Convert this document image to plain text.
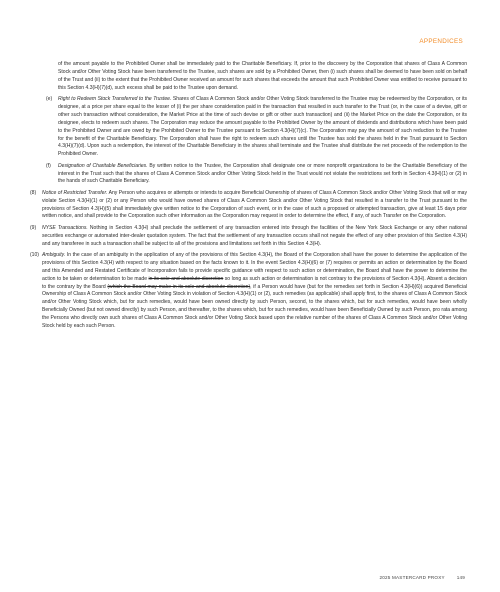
APPENDICES

of the amount payable to the Prohibited Owner shall be immediately paid to the Charitable Beneficiary. If, prior to the discovery by the Corporation that shares of Class A Common Stock and/or Other Voting Stock have been transferred to the Trustee, such shares are sold by a Prohibited Owner, then (i) such shares shall be deemed to have been sold on behalf of the Trust and (ii) to the extent that the Prohibited Owner received an amount for such shares that exceeds the amount that such Prohibited Owner was entitled to receive pursuant to this Section 4.3(H)(7)(d), such excess shall be paid to the Trustee upon demand.

(e) Right to Redeem Stock Transferred to the Trustee. Shares of Class A Common Stock and/or Other Voting Stock transferred to the Trustee may be redeemed by the Corporation, or its designee, at a price per share equal to the lesser of (i) the per share consideration paid in the transaction that resulted in such transfer to the Trust (or, in the case of a devise, gift or other such transaction without consideration, the Market Price at the time of such devise or gift or other such transaction) and (ii) the Market Price on the date the Corporation, or its designee, elects to redeem such shares. The Corporation may reduce the amount payable to the Prohibited Owner by the amount of dividends and distributions which have been paid to the Prohibited Owner and are owed by the Prohibited Owner to the Trustee pursuant to Section 4.3(H)(7)(c). The Corporation may pay the amount of such reduction to the Trustee for the benefit of the Charitable Beneficiary. The Corporation shall have the right to redeem such shares until the Trustee has sold the shares held in the Trust pursuant to Section 4.3(H)(7)(d). Upon such a redemption, the interest of the Charitable Beneficiary in the shares shall terminate and the Trustee shall distribute the net proceeds of the redemption to the Prohibited Owner.

(f) Designation of Charitable Beneficiaries. By written notice to the Trustee, the Corporation shall designate one or more nonprofit organizations to be the Charitable Beneficiary of the interest in the Trust such that the shares of Class A Common Stock and/or Other Voting Stock held in the Trust would not violate the restrictions set forth in Section 4.3(H)(1) or (2) in the hands of such Charitable Beneficiary.

(8) Notice of Restricted Transfer. Any Person who acquires or attempts or intends to acquire Beneficial Ownership of shares of Class A Common Stock and/or Other Voting Stock that will or may violate Section 4.3(H)(1) or (2) or any Person who would have owned shares of Class A Common Stock and/or Other Voting Stock that resulted in a transfer to the Trust pursuant to the provisions of Section 4.3(H)(5) shall immediately give written notice to the Corporation of such event, or in the case of such a proposed or attempted transaction, give at least 15 days prior written notice, and shall provide to the Corporation such other information as the Corporation may request in order to determine the effect, if any, of such Transfer on the Corporation.

(9) NYSE Transactions. Nothing in Section 4.3(H) shall preclude the settlement of any transaction entered into through the facilities of the New York Stock Exchange or any other national securities exchange or automated inter-dealer quotation system. The fact that the settlement of any transaction occurs shall not negate the effect of any other provision of this Section 4.3(H) and any transferee in such a transaction shall be subject to all of the provisions and limitations set forth in this Section 4.3(H).

(10) Ambiguity. In the case of an ambiguity in the application of any of the provisions of this Section 4.3(H), the Board of the Corporation shall have the power to determine the application of the provisions of this Section 4.3(H) with respect to any situation based on the facts known to it. In the event Section 4.3(H)(6) or (7) requires or permits an action or determination by the Board and this Amended and Restated Certificate of Incorporation fails to provide specific guidance with respect to such action or determination, the Board shall have the power to determine the action to be taken or determination to be made in its sole and absolute discretion so long as such action or determination is not contrary to the provisions of Section 4.3(H). Absent a decision to the contrary by the Board (which the Board may make in its sole and absolute discretion), if a Person would have (but for the remedies set forth in Section 4.3(H)(6)) acquired Beneficial Ownership of Class A Common Stock and/or Other Voting Stock in violation of Section 4.3(H)(1) or (2), such remedies (as applicable) shall apply first, to the shares of Class A Common Stock and/or Other Voting Stock which, but for such remedies, would have been owned directly by such Person, second, to the shares which, but for such remedies, would have been wholly Beneficially Owned (but not owned directly) by such Person, and thereafter, to the shares which, but for such remedies, would have been Beneficially Owned by such Person, pro rata among the Persons who directly own such shares of Class A Common Stock and/or Other Voting Stock based upon the relative number of the shares of Class A Common Stock and/or Other Voting Stock held by each such Person.

2025 MASTERCARD PROXY	149
